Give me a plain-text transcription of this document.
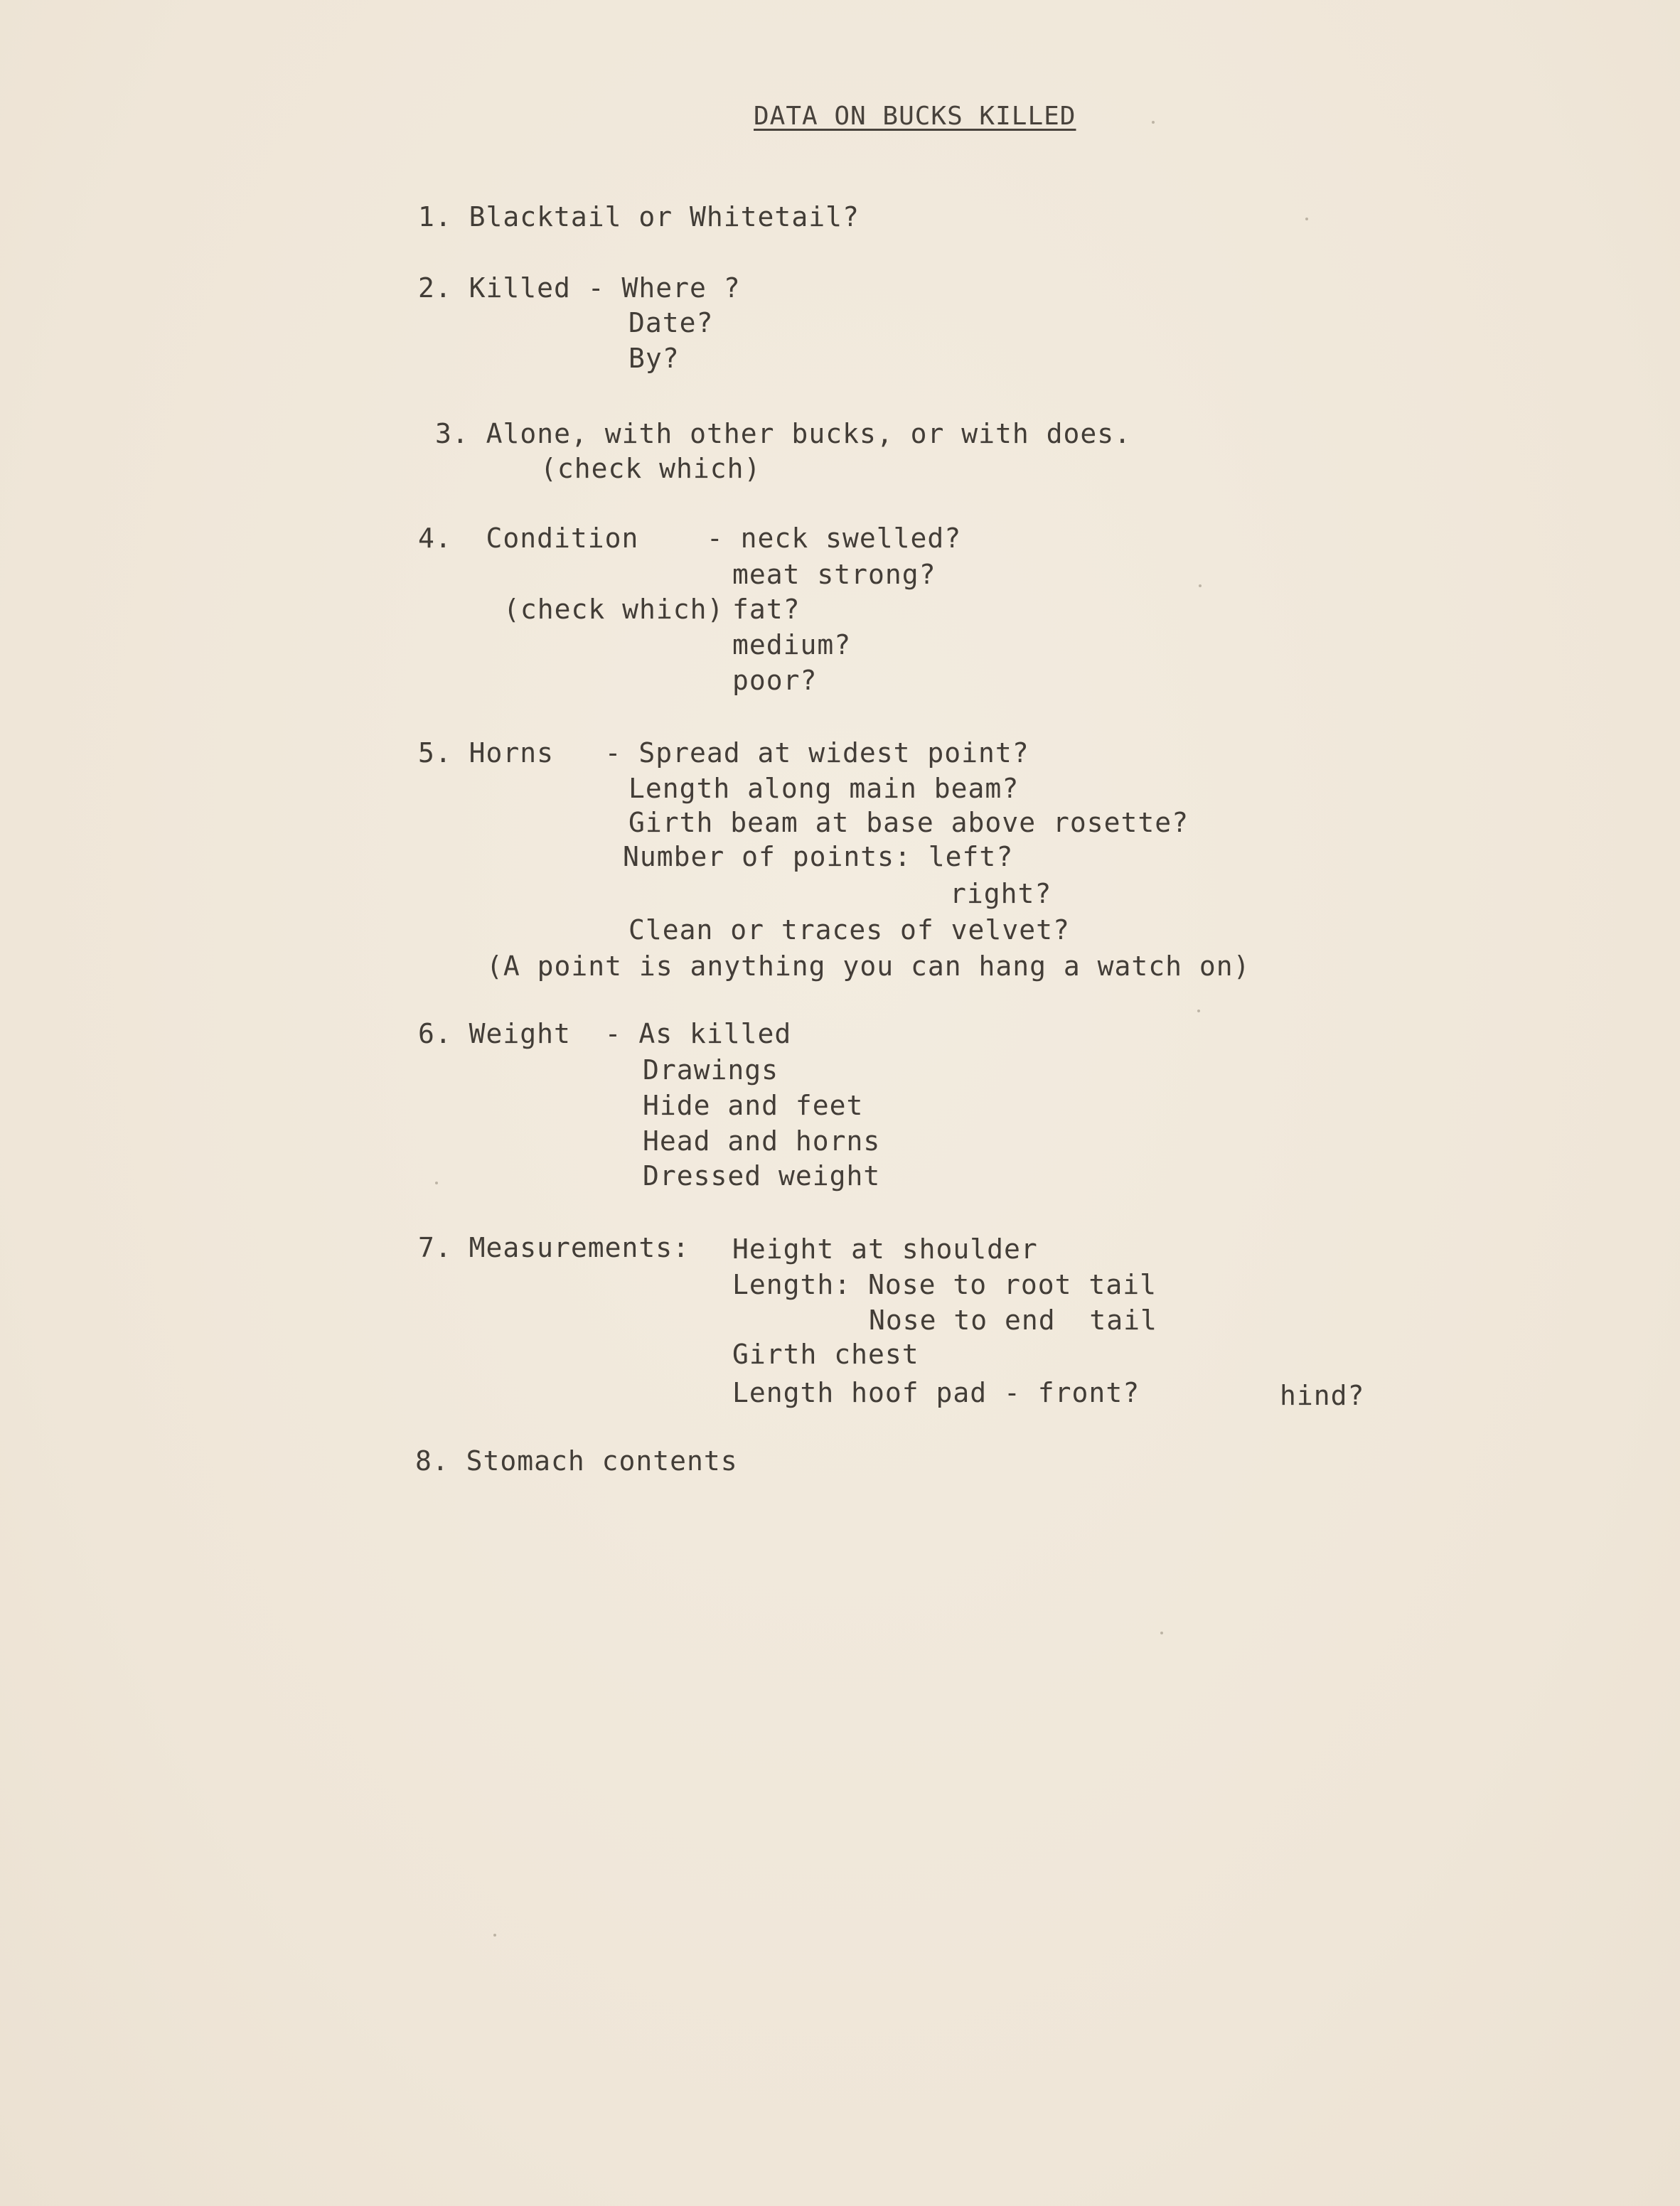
DATA ON BUCKS KILLED
1. Blacktail or Whitetail?
2. Killed - Where ?
Date?
By?
3. Alone, with other bucks, or with does.
(check which)
4.  Condition    - neck swelled?
meat strong?
(check which) fat?
medium?
poor?
5. Horns   - Spread at widest point?
Length along main beam?
Girth beam at base above rosette?
Number of points: left?
right?
Clean or traces of velvet?
(A point is anything you can hang a watch on)
6. Weight  - As killed
Drawings
Hide and feet
Head and horns
Dressed weight
7. Measurements: Height at shoulder
Length: Nose to root tail
Nose to end  tail
Girth chest
Length hoof pad - front?	hind?
8. Stomach contents
